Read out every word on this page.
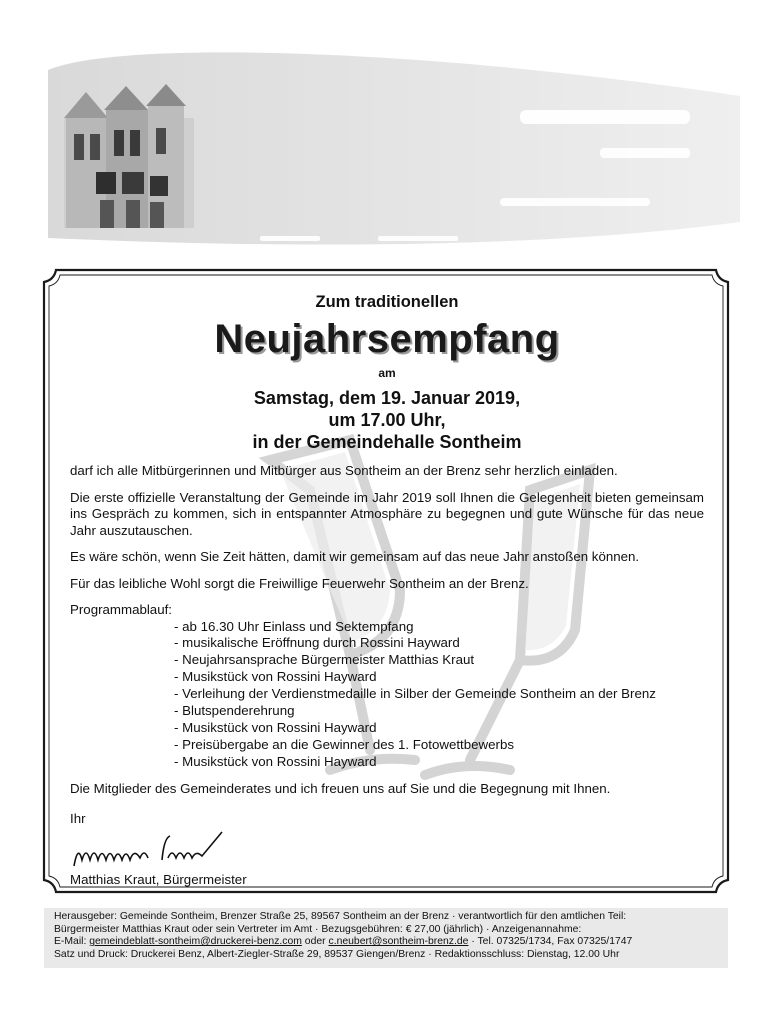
Zum traditionellen
Neujahrsempfang
am
Samstag, dem 19. Januar 2019,
um 17.00 Uhr,
in der Gemeindehalle Sontheim
darf ich alle Mitbürgerinnen und Mitbürger aus Sontheim an der Brenz sehr herzlich einladen.
Die erste offizielle Veranstaltung der Gemeinde im Jahr 2019 soll Ihnen die Gelegenheit bieten gemeinsam ins Gespräch zu kommen, sich in entspannter Atmosphäre zu begegnen und gute Wünsche für das neue Jahr auszutauschen.
Es wäre schön, wenn Sie Zeit hätten, damit wir gemeinsam auf das neue Jahr anstoßen können.
Für das leibliche Wohl sorgt die Freiwillige Feuerwehr Sontheim an der Brenz.
Programmablauf:
- ab 16.30 Uhr Einlass und Sektempfang
- musikalische Eröffnung durch Rossini Hayward
- Neujahrsansprache Bürgermeister Matthias Kraut
- Musikstück von Rossini Hayward
- Verleihung der Verdienstmedaille in Silber der Gemeinde Sontheim an der Brenz
- Blutspenderehrung
- Musikstück von Rossini Hayward
- Preisübergabe an die Gewinner des 1. Fotowettbewerbs
- Musikstück von Rossini Hayward
Die Mitglieder des Gemeinderates und ich freuen uns auf Sie und die Begegnung mit Ihnen.
Ihr
Matthias Kraut, Bürgermeister
Herausgeber: Gemeinde Sontheim, Brenzer Straße 25, 89567 Sontheim an der Brenz · verantwortlich für den amtlichen Teil:
Bürgermeister Matthias Kraut oder sein Vertreter im Amt · Bezugsgebühren: € 27,00 (jährlich) · Anzeigenannahme:
E-Mail: gemeindeblatt-sontheim@druckerei-benz.com oder c.neubert@sontheim-brenz.de · Tel. 07325/1734, Fax 07325/1747
Satz und Druck: Druckerei Benz, Albert-Ziegler-Straße 29, 89537 Giengen/Brenz · Redaktionsschluss: Dienstag, 12.00 Uhr
